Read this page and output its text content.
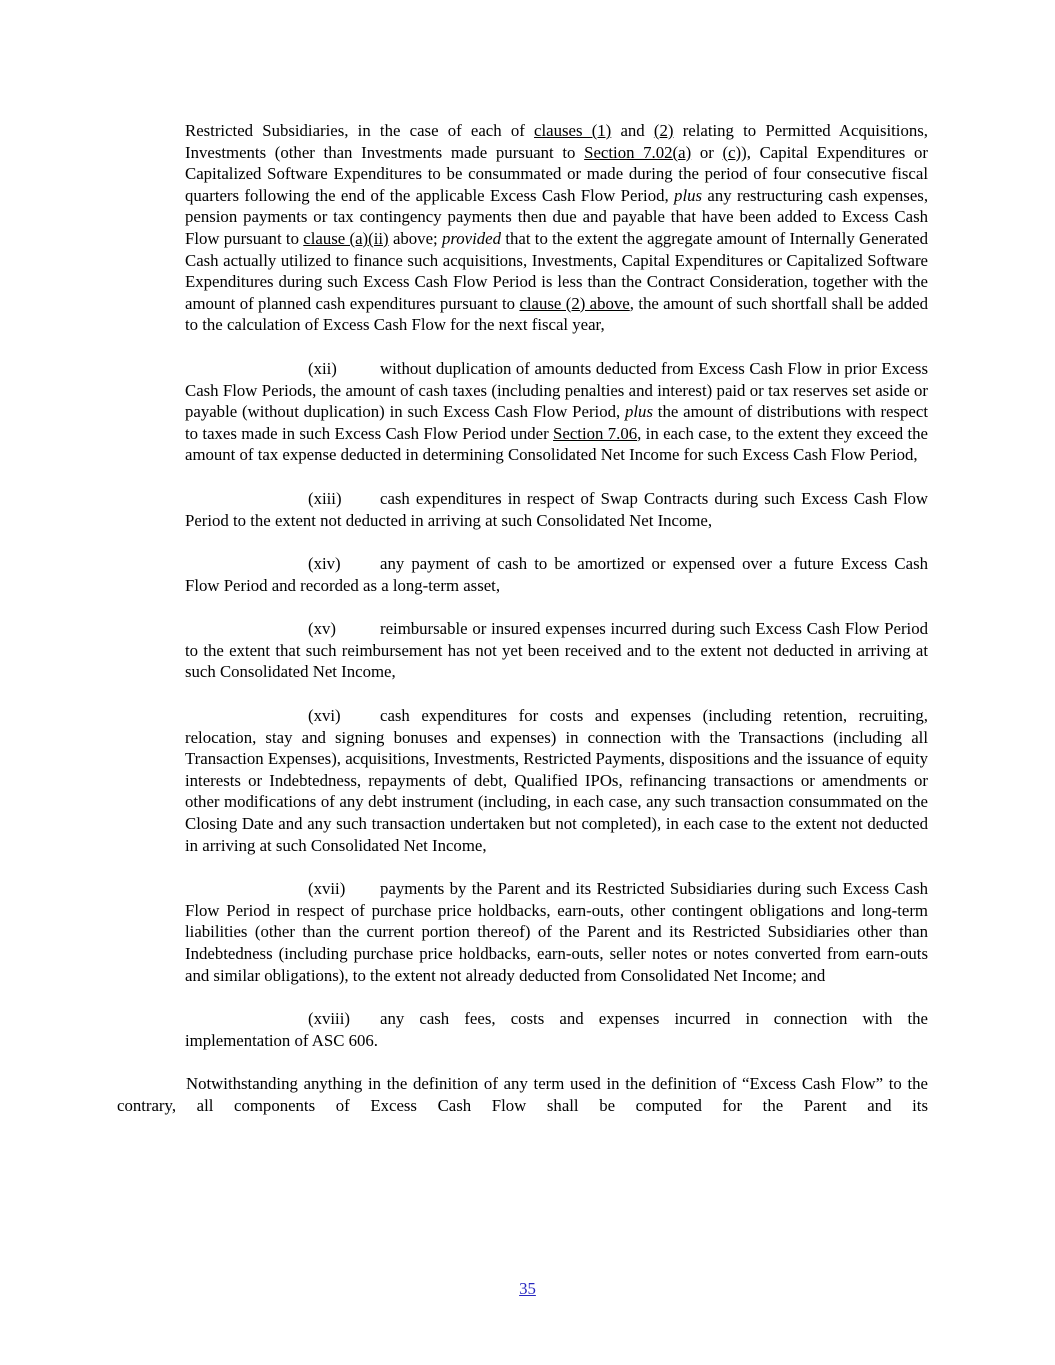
Restricted Subsidiaries, in the case of each of clauses (1) and (2) relating to Permitted Acquisitions, Investments (other than Investments made pursuant to Section 7.02(a) or (c)), Capital Expenditures or Capitalized Software Expenditures to be consummated or made during the period of four consecutive fiscal quarters following the end of the applicable Excess Cash Flow Period, plus any restructuring cash expenses, pension payments or tax contingency payments then due and payable that have been added to Excess Cash Flow pursuant to clause (a)(ii) above; provided that to the extent the aggregate amount of Internally Generated Cash actually utilized to finance such acquisitions, Investments, Capital Expenditures or Capitalized Software Expenditures during such Excess Cash Flow Period is less than the Contract Consideration, together with the amount of planned cash expenditures pursuant to clause (2) above, the amount of such shortfall shall be added to the calculation of Excess Cash Flow for the next fiscal year,

(xii)	without duplication of amounts deducted from Excess Cash Flow in prior Excess Cash Flow Periods, the amount of cash taxes (including penalties and interest) paid or tax reserves set aside or payable (without duplication) in such Excess Cash Flow Period, plus the amount of distributions with respect to taxes made in such Excess Cash Flow Period under Section 7.06, in each case, to the extent they exceed the amount of tax expense deducted in determining Consolidated Net Income for such Excess Cash Flow Period,

(xiii) cash expenditures in respect of Swap Contracts during such Excess Cash Flow Period to the extent not deducted in arriving at such Consolidated Net Income,

(xiv) any payment of cash to be amortized or expensed over a future Excess Cash Flow Period and recorded as a long-term asset,

(xv)	reimbursable or insured expenses incurred during such Excess Cash Flow Period to the extent that such reimbursement has not yet been received and to the extent not deducted in arriving at such Consolidated Net Income,

(xvi) cash expenditures for costs and expenses (including retention, recruiting, relocation, stay and signing bonuses and expenses) in connection with the Transactions (including all Transaction Expenses), acquisitions, Investments, Restricted Payments, dispositions and the issuance of equity interests or Indebtedness, repayments of debt, Qualified IPOs, refinancing transactions or amendments or other modifications of any debt instrument (including, in each case, any such transaction consummated on the Closing Date and any such transaction undertaken but not completed), in each case to the extent not deducted in arriving at such Consolidated Net Income,

(xvii) payments by the Parent and its Restricted Subsidiaries during such Excess Cash Flow Period in respect of purchase price holdbacks, earn-outs, other contingent obligations and long-term liabilities (other than the current portion thereof) of the Parent and its Restricted Subsidiaries other than Indebtedness (including purchase price holdbacks, earn-outs, seller notes or notes converted from earn-outs and similar obligations), to the extent not already deducted from Consolidated Net Income; and

(xviii) any cash fees, costs and expenses incurred in connection with the implementation of ASC 606.

Notwithstanding anything in the definition of any term used in the definition of “Excess Cash Flow” to the contrary, all components of Excess Cash Flow shall be computed for the Parent and its

35
